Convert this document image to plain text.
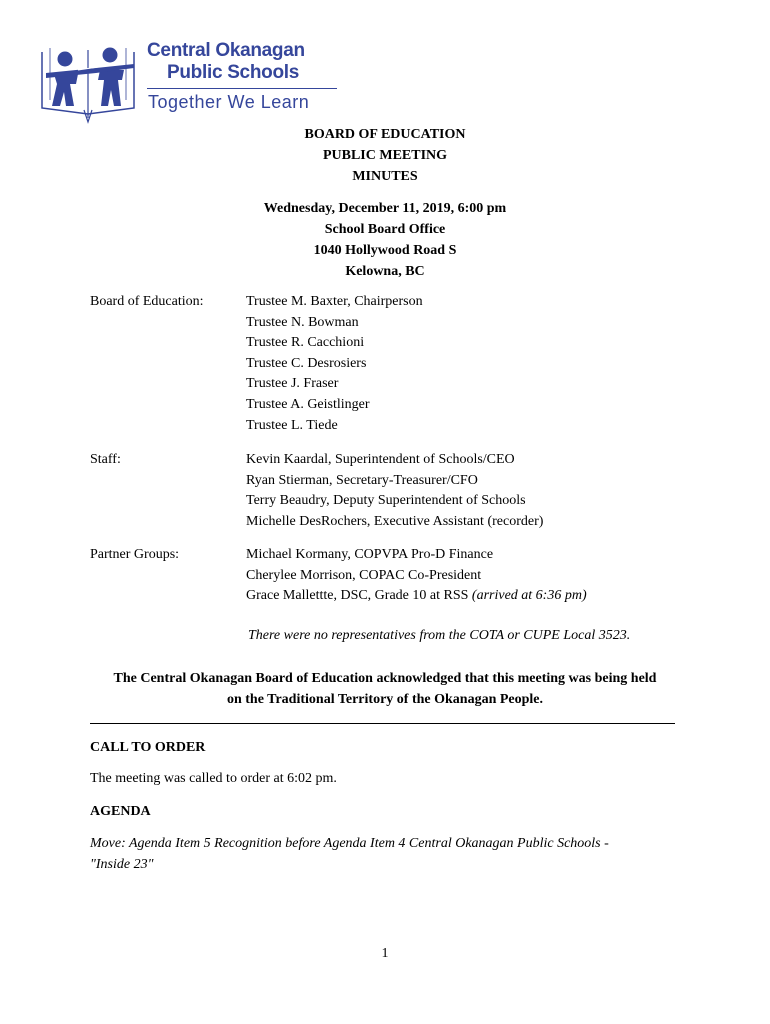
Central Okanagan
Public Schools
Together We Learn
BOARD OF EDUCATION
PUBLIC MEETING
MINUTES
Wednesday, December 11, 2019, 6:00 pm
School Board Office
1040 Hollywood Road S
Kelowna, BC
Board of Education:	Trustee M. Baxter, Chairperson
Trustee N. Bowman
Trustee R. Cacchioni
Trustee C. Desrosiers
Trustee J. Fraser
Trustee A. Geistlinger
Trustee L. Tiede
Staff:	Kevin Kaardal, Superintendent of Schools/CEO
Ryan Stierman, Secretary-Treasurer/CFO
Terry Beaudry, Deputy Superintendent of Schools
Michelle DesRochers, Executive Assistant (recorder)
Partner Groups:	Michael Kormany, COPVPA Pro-D Finance
Cherylee Morrison, COPAC Co-President
Grace Mallettte, DSC, Grade 10 at RSS (arrived at 6:36 pm)
There were no representatives from the COTA or CUPE Local 3523.
The Central Okanagan Board of Education acknowledged that this meeting was being held
on the Traditional Territory of the Okanagan People.
CALL TO ORDER
The meeting was called to order at 6:02 pm.
AGENDA
Move: Agenda Item 5 Recognition before Agenda Item 4 Central Okanagan Public Schools -
"Inside 23"
1
